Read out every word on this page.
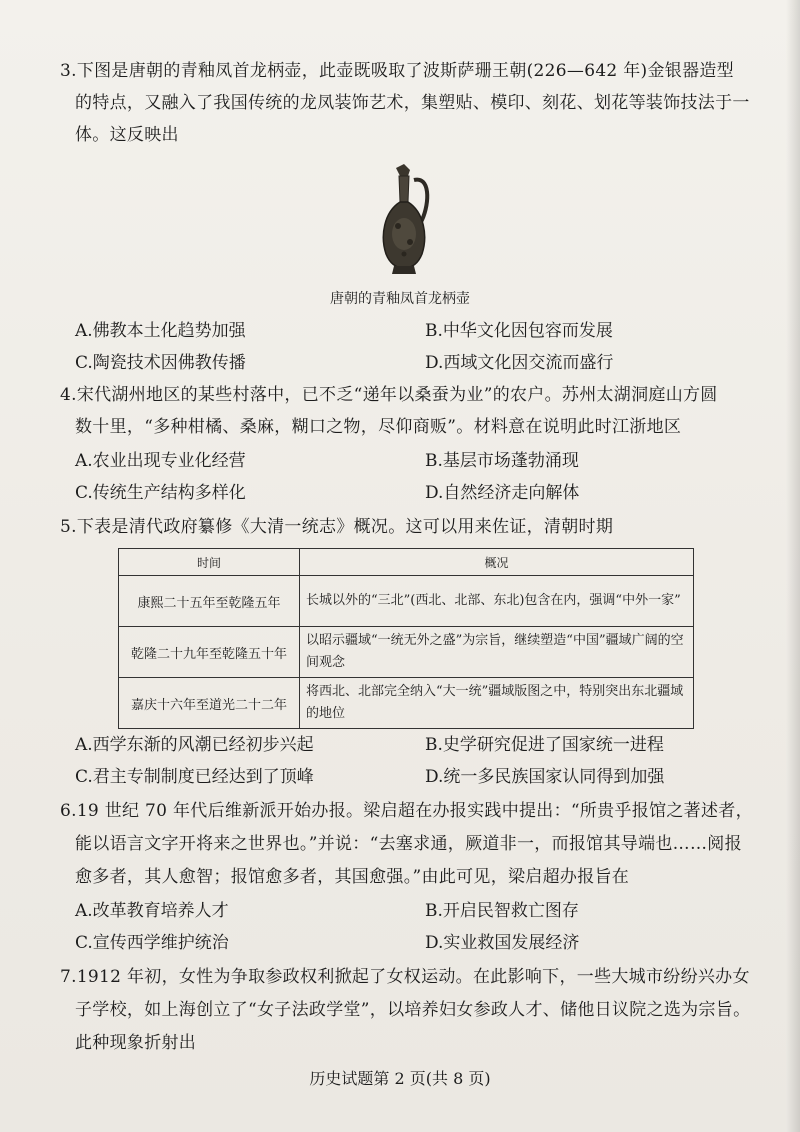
3.下图是唐朝的青釉凤首龙柄壶，此壶既吸取了波斯萨珊王朝(226—642 年)金银器造型
的特点，又融入了我国传统的龙凤装饰艺术，集塑贴、模印、刻花、划花等装饰技法于一
体。这反映出
唐朝的青釉凤首龙柄壶
A.佛教本土化趋势加强	B.中华文化因包容而发展
C.陶瓷技术因佛教传播	D.西域文化因交流而盛行
4.宋代湖州地区的某些村落中，已不乏“递年以桑蚕为业”的农户。苏州太湖洞庭山方圆
数十里，“多种柑橘、桑麻，糊口之物，尽仰商贩”。材料意在说明此时江浙地区
A.农业出现专业化经营	B.基层市场蓬勃涌现
C.传统生产结构多样化	D.自然经济走向解体
5.下表是清代政府纂修《大清一统志》概况。这可以用来佐证，清朝时期
时间	概况
康熙二十五年至乾隆五年	长城以外的“三北”(西北、北部、东北)包含在内，强调“中外一家”
乾隆二十九年至乾隆五十年	以昭示疆域“一统无外之盛”为宗旨，继续塑造“中国”疆域广阔的空间观念
嘉庆十六年至道光二十二年	将西北、北部完全纳入“大一统”疆域版图之中，特别突出东北疆域的地位
A.西学东渐的风潮已经初步兴起	B.史学研究促进了国家统一进程
C.君主专制制度已经达到了顶峰	D.统一多民族国家认同得到加强
6.19 世纪 70 年代后维新派开始办报。梁启超在办报实践中提出：“所贵乎报馆之著述者，
能以语言文字开将来之世界也。”并说：“去塞求通，厥道非一，而报馆其导端也……阅报
愈多者，其人愈智；报馆愈多者，其国愈强。”由此可见，梁启超办报旨在
A.改革教育培养人才	B.开启民智救亡图存
C.宣传西学维护统治	D.实业救国发展经济
7.1912 年初，女性为争取参政权利掀起了女权运动。在此影响下，一些大城市纷纷兴办女
子学校，如上海创立了“女子法政学堂”，以培养妇女参政人才、储他日议院之选为宗旨。
此种现象折射出
历史试题第 2 页(共 8 页)
